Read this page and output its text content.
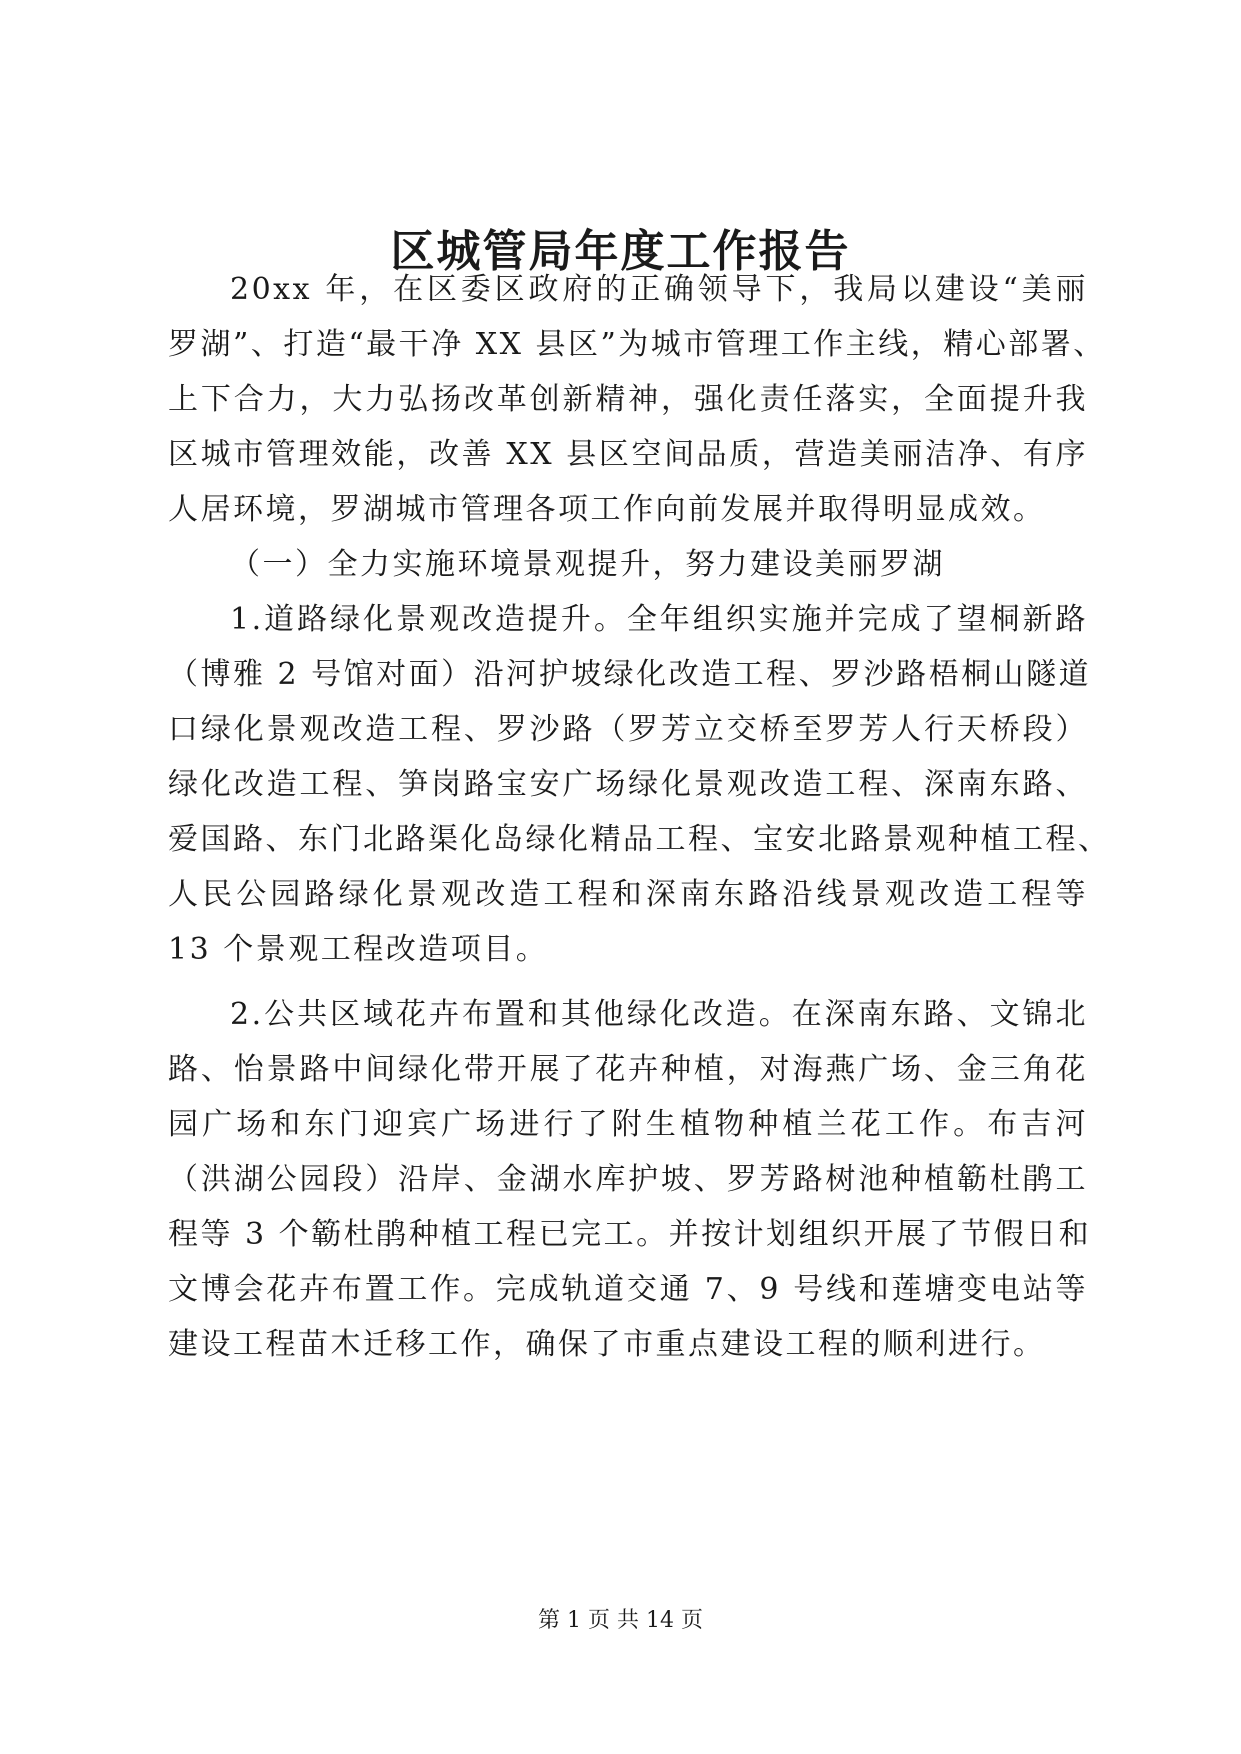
区城管局年度工作报告
20xx 年，在区委区政府的正确领导下，我局以建设“美丽
罗湖”、打造“最干净 XX 县区”为城市管理工作主线，精心部署、
上下合力，大力弘扬改革创新精神，强化责任落实，全面提升我
区城市管理效能，改善 XX 县区空间品质，营造美丽洁净、有序
人居环境，罗湖城市管理各项工作向前发展并取得明显成效。
（一）全力实施环境景观提升，努力建设美丽罗湖
1.道路绿化景观改造提升。全年组织实施并完成了望桐新路
（博雅 2 号馆对面）沿河护坡绿化改造工程、罗沙路梧桐山隧道
口绿化景观改造工程、罗沙路（罗芳立交桥至罗芳人行天桥段）
绿化改造工程、笋岗路宝安广场绿化景观改造工程、深南东路、
爱国路、东门北路渠化岛绿化精品工程、宝安北路景观种植工程、
人民公园路绿化景观改造工程和深南东路沿线景观改造工程等
13 个景观工程改造项目。
2.公共区域花卉布置和其他绿化改造。在深南东路、文锦北
路、怡景路中间绿化带开展了花卉种植，对海燕广场、金三角花
园广场和东门迎宾广场进行了附生植物种植兰花工作。布吉河
（洪湖公园段）沿岸、金湖水库护坡、罗芳路树池种植簕杜鹃工
程等 3 个簕杜鹃种植工程已完工。并按计划组织开展了节假日和
文博会花卉布置工作。完成轨道交通 7、9 号线和莲塘变电站等
建设工程苗木迁移工作，确保了市重点建设工程的顺利进行。
第 1 页 共 14 页
